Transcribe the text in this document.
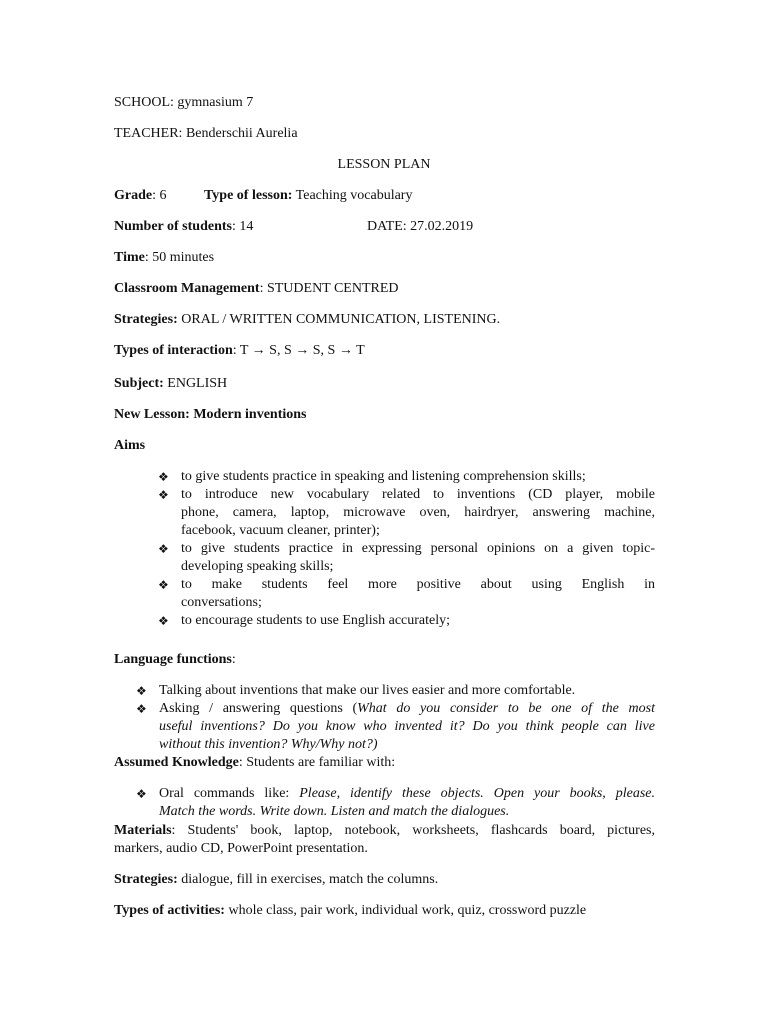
SCHOOL: gymnasium 7
TEACHER: Benderschii Aurelia
LESSON PLAN
Grade: 6	Type of lesson: Teaching vocabulary
Number of students: 14	DATE: 27.02.2019
Time: 50 minutes
Classroom Management: STUDENT CENTRED
Strategies: ORAL / WRITTEN COMMUNICATION, LISTENING.
Types of interaction: T → S, S → S, S → T
Subject: ENGLISH
New Lesson: Modern inventions
Aims
❖ to give students practice in speaking and listening comprehension skills;
❖ to introduce new vocabulary related to inventions (CD player, mobile
phone, camera, laptop, microwave oven, hairdryer, answering machine,
facebook, vacuum cleaner, printer);
❖ to give students practice in expressing personal opinions on a given topic-
developing speaking skills;
❖ to make students feel more positive about using English in
conversations;
❖ to encourage students to use English accurately;
Language functions:
❖ Talking about inventions that make our lives easier and more comfortable.
❖ Asking / answering questions (What do you consider to be one of the most
useful inventions? Do you know who invented it? Do you think people can live
without this invention? Why/Why not?)
Assumed Knowledge: Students are familiar with:
❖ Oral commands like: Please, identify these objects. Open your books, please.
Match the words. Write down. Listen and match the dialogues.
Materials: Students' book, laptop, notebook, worksheets, flashcards board, pictures,
markers, audio CD, PowerPoint presentation.
Strategies: dialogue, fill in exercises, match the columns.
Types of activities: whole class, pair work, individual work, quiz, crossword puzzle
